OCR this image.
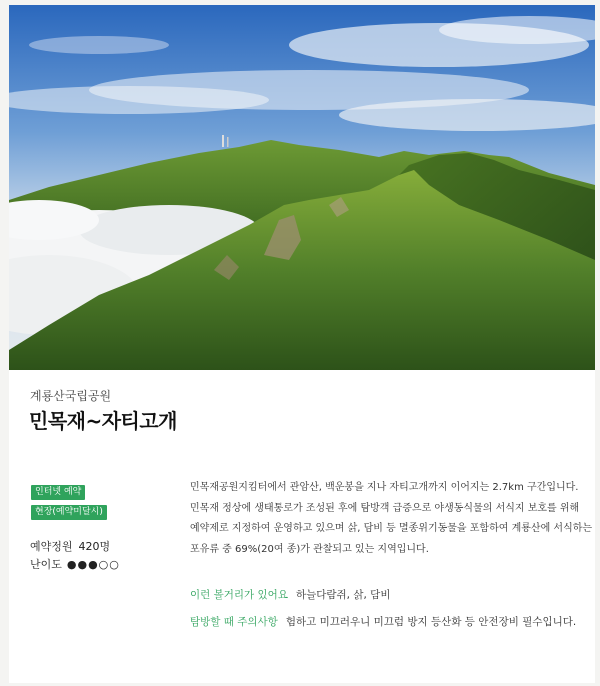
계룡산국립공원
민목재~자티고개
인터넷 예약
현장(예약미달시)
예약정원 420명
난이도 ●●●○○

민목재공원지킴터에서 관암산, 백운봉을 지나 자티고개까지 이어지는 2.7km 구간입니다.

민목재 정상에 생태통로가 조성된 후에 탐방객 급증으로 야생동식물의 서식지 보호를 위해

예약제로 지정하여 운영하고 있으며 삵, 담비 등 멸종위기동물을 포함하여 계룡산에 서식하는

포유류 중 69%(20여 종)가 관찰되고 있는 지역입니다.

이런 볼거리가 있어요 하늘다람쥐, 삵, 담비
탐방할 때 주의사항 험하고 미끄러우니 미끄럼 방지 등산화 등 안전장비 필수입니다.
